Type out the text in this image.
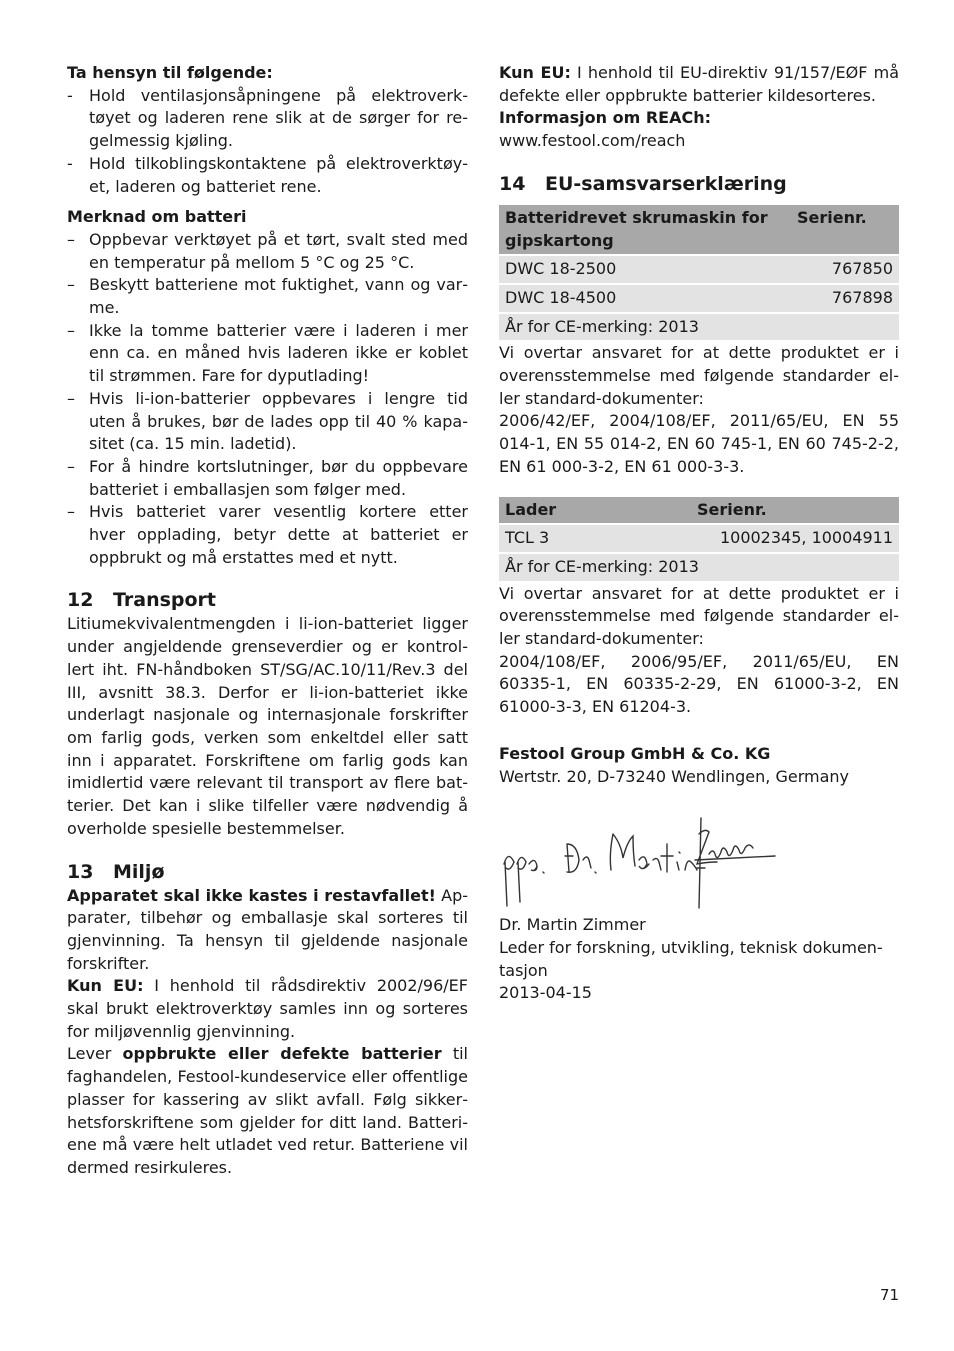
Ta hensyn til følgende:

- Hold ventilasjonsåpningene på elektroverktøyet og laderen rene slik at de sørger for regelmessig kjøling.
- Hold tilkoblingskontaktene på elektroverktøyet, laderen og batteriet rene.

Merknad om batteri

– Oppbevar verktøyet på et tørt, svalt sted med en temperatur på mellom 5 °C og 25 °C.
– Beskytt batteriene mot fuktighet, vann og varme.
– Ikke la tomme batterier være i laderen i mer enn ca. en måned hvis laderen ikke er koblet til strømmen. Fare for dyputlading!
– Hvis li-ion-batterier oppbevares i lengre tid uten å brukes, bør de lades opp til 40 % kapasitet (ca. 15 min. ladetid).
– For å hindre kortslutninger, bør du oppbevare batteriet i emballasjen som følger med.
– Hvis batteriet varer vesentlig kortere etter hver opplading, betyr dette at batteriet er oppbrukt og må erstattes med et nytt.
12 Transport

Litiumekvivalentmengden i li-ion-batteriet ligger under angjeldende grenseverdier og er kontrollert iht. FN-håndboken ST/SG/AC.10/11/Rev.3 del III, avsnitt 38.3. Derfor er li-ion-batteriet ikke underlagt nasjonale og internasjonale forskrifter om farlig gods, verken som enkeltdel eller satt inn i apparatet. Forskriftene om farlig gods kan imidlertid være relevant til transport av flere batterier. Det kan i slike tilfeller være nødvendig å overholde spesielle bestemmelser.

13 Miljø

Apparatet skal ikke kastes i restavfallet! Apparater, tilbehør og emballasje skal sorteres til gjenvinning. Ta hensyn til gjeldende nasjonale forskrifter.

Kun EU: I henhold til rådsdirektiv 2002/96/EF skal brukt elektroverktøy samles inn og sorteres for miljøvennlig gjenvinning.

Lever oppbrukte eller defekte batterier til faghandelen, Festool-kundeservice eller offentlige plasser for kassering av slikt avfall. Følg sikkerhetsforskriftene som gjelder for ditt land. Batteriene må være helt utladet ved retur. Batteriene vil dermed resirkuleres.

Kun EU: I henhold til EU-direktiv 91/157/EØF må defekte eller oppbrukte batterier kildesorteres.

Informasjon om REACh:

www.festool.com/reach

14 EU-samsvarserklæring
Batteridrevet skrumaskin for gipskartong	Serienr.
DWC 18-2500	767850
DWC 18-4500	767898
År for CE-merking: 2013	

Vi overtar ansvaret for at dette produktet er i overensstemmelse med følgende standarder eller standard-dokumenter:

2006/42/EF, 2004/108/EF, 2011/65/EU, EN 55 014-1, EN 55 014-2, EN 60 745-1, EN 60 745-2-2, EN 61 000-3-2, EN 61 000-3-3.

Lader	Serienr.
TCL 3	10002345, 10004911
År for CE-merking: 2013	

Vi overtar ansvaret for at dette produktet er i overensstemmelse med følgende standarder eller standard-dokumenter:

2004/108/EF, 2006/95/EF, 2011/65/EU, EN 60335-1, EN 60335-2-29, EN 61000-3-2, EN 61000-3-3, EN 61204-3.

Festool Group GmbH & Co. KG

Wertstr. 20, D-73240 Wendlingen, Germany

Dr. Martin Zimmer

Leder for forskning, utvikling, teknisk dokumentasjon

2013-04-15

71
